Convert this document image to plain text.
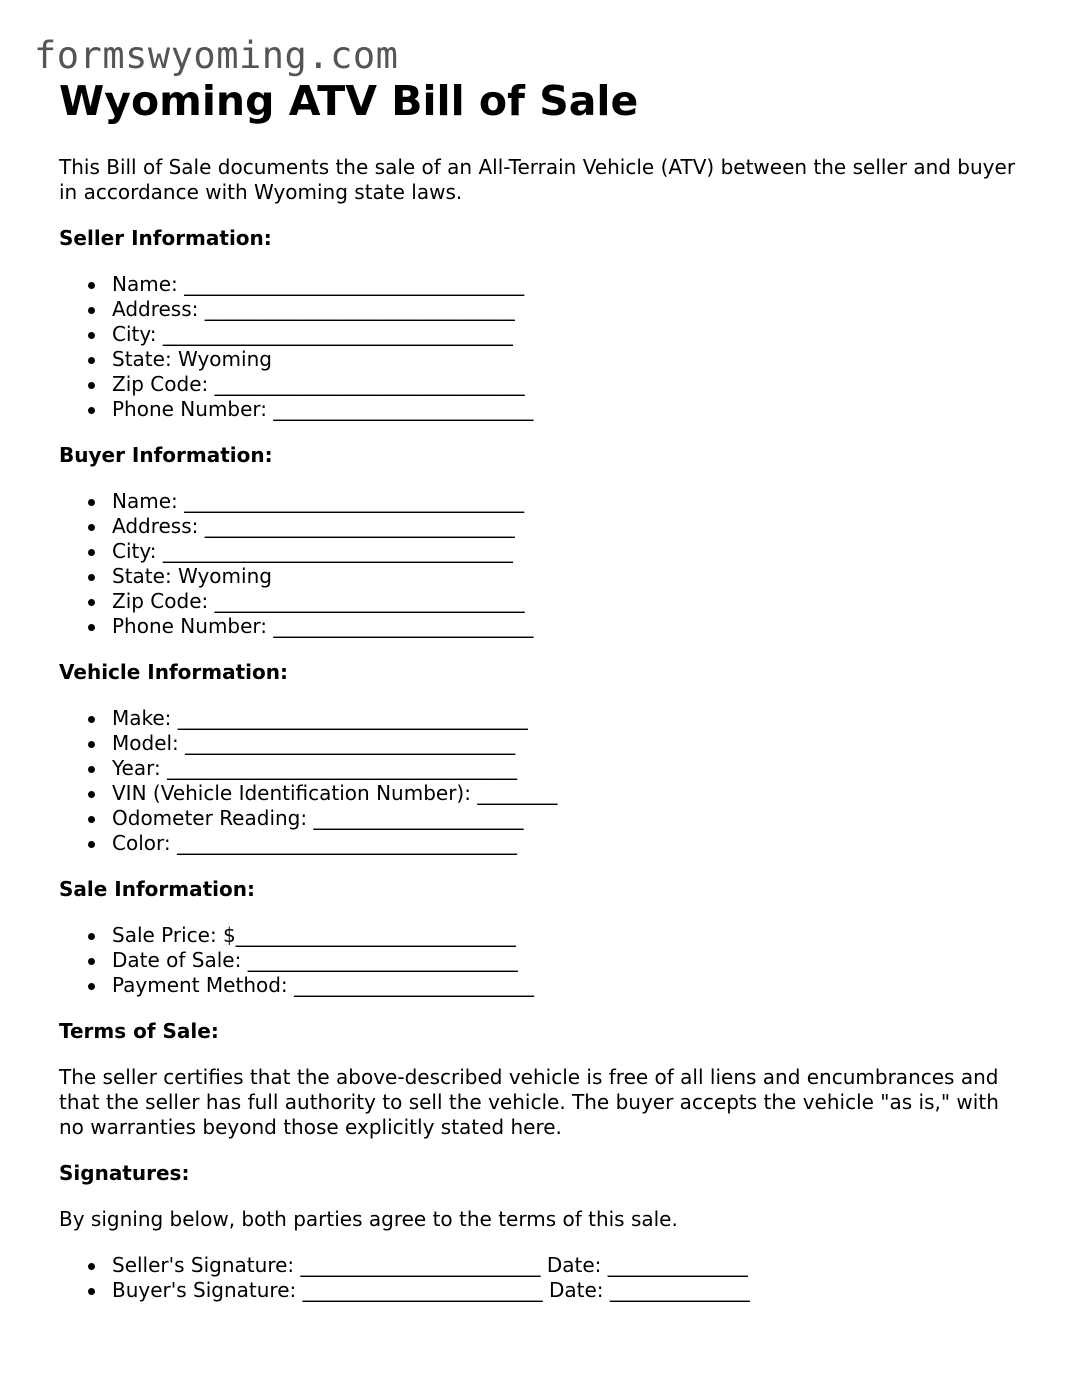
formswyoming.com
Wyoming ATV Bill of Sale

This Bill of Sale documents the sale of an All-Terrain Vehicle (ATV) between the seller and buyer in accordance with Wyoming state laws.

Seller Information:

Name: __________________________________
Address: _______________________________
City: ___________________________________
State: Wyoming
Zip Code: _______________________________
Phone Number: __________________________

Buyer Information:

Name: __________________________________
Address: _______________________________
City: ___________________________________
State: Wyoming
Zip Code: _______________________________
Phone Number: __________________________

Vehicle Information:

Make: ___________________________________
Model: _________________________________
Year: ___________________________________
VIN (Vehicle Identification Number): ________
Odometer Reading: _____________________
Color: __________________________________

Sale Information:

Sale Price: $____________________________
Date of Sale: ___________________________
Payment Method: ________________________

Terms of Sale:

The seller certifies that the above-described vehicle is free of all liens and encumbrances and that the seller has full authority to sell the vehicle. The buyer accepts the vehicle "as is," with no warranties beyond those explicitly stated here.

Signatures:

By signing below, both parties agree to the terms of this sale.

Seller's Signature: ________________________ Date: ______________
Buyer's Signature: ________________________ Date: ______________
